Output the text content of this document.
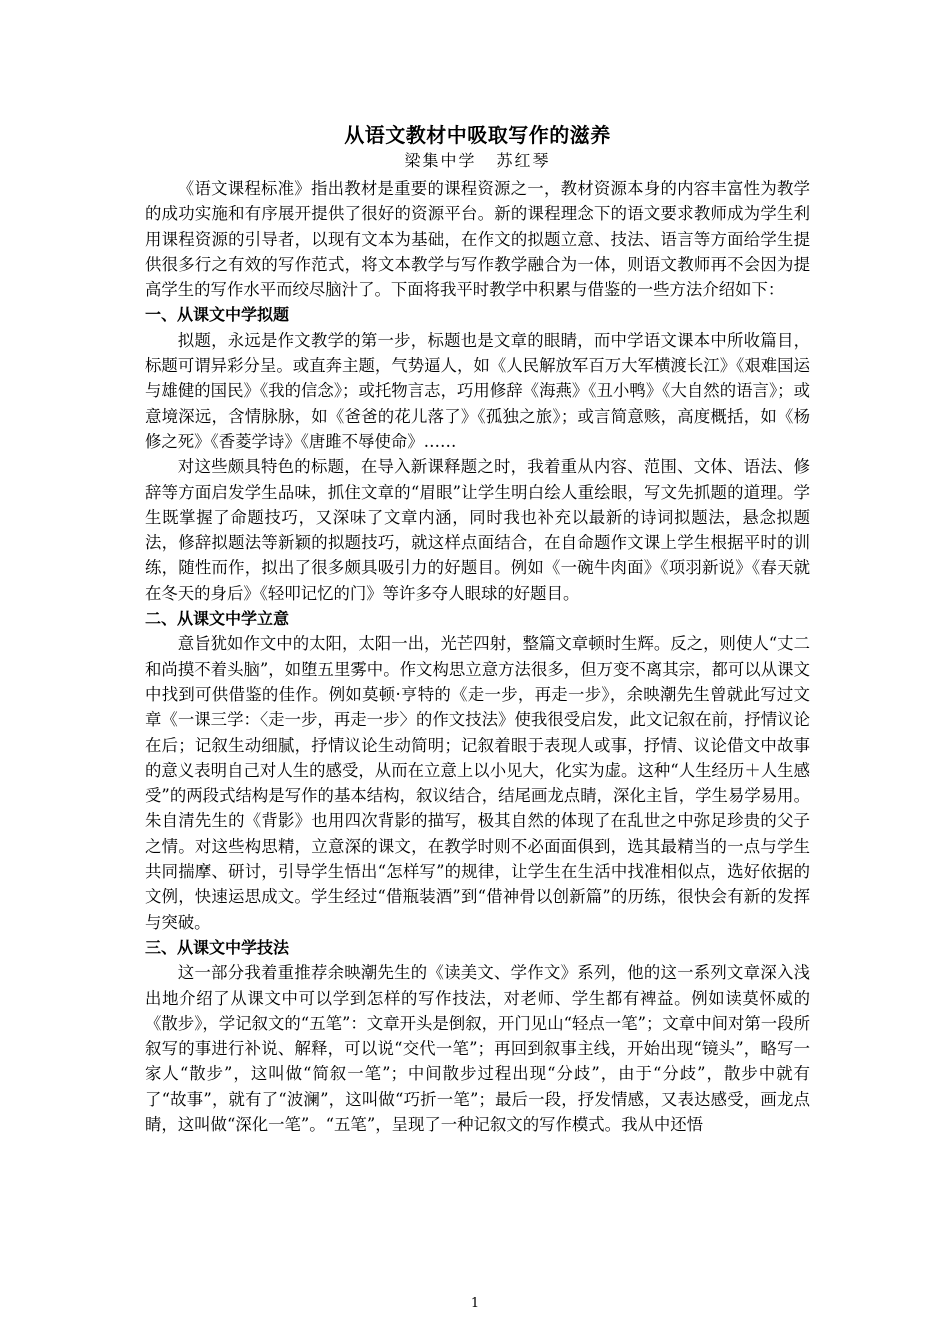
从语文教材中吸取写作的滋养
梁集中学 苏红琴

《语文课程标准》指出教材是重要的课程资源之一，教材资源本身的内容丰富性为教学的成功实施和有序展开提供了很好的资源平台。新的课程理念下的语文要求教师成为学生利用课程资源的引导者，以现有文本为基础，在作文的拟题立意、技法、语言等方面给学生提供很多行之有效的写作范式，将文本教学与写作教学融合为一体，则语文教师再不会因为提高学生的写作水平而绞尽脑汁了。下面将我平时教学中积累与借鉴的一些方法介绍如下：

一、从课文中学拟题

拟题，永远是作文教学的第一步，标题也是文章的眼睛，而中学语文课本中所收篇目，标题可谓异彩分呈。或直奔主题，气势逼人，如《人民解放军百万大军横渡长江》《艰难国运与雄健的国民》《我的信念》；或托物言志，巧用修辞《海燕》《丑小鸭》《大自然的语言》；或意境深远，含情脉脉，如《爸爸的花儿落了》《孤独之旅》；或言简意赅，高度概括，如《杨修之死》《香菱学诗》《唐雎不辱使命》……

对这些颇具特色的标题，在导入新课释题之时，我着重从内容、范围、文体、语法、修辞等方面启发学生品味，抓住文章的“眉眼”让学生明白绘人重绘眼，写文先抓题的道理。学生既掌握了命题技巧，又深味了文章内涵，同时我也补充以最新的诗词拟题法，悬念拟题法，修辞拟题法等新颖的拟题技巧，就这样点面结合，在自命题作文课上学生根据平时的训练，随性而作，拟出了很多颇具吸引力的好题目。例如《一碗牛肉面》《项羽新说》《春天就在冬天的身后》《轻叩记忆的门》等许多夺人眼球的好题目。

二、从课文中学立意

意旨犹如作文中的太阳，太阳一出，光芒四射，整篇文章顿时生辉。反之，则使人“丈二和尚摸不着头脑”，如堕五里雾中。作文构思立意方法很多，但万变不离其宗，都可以从课文中找到可供借鉴的佳作。例如莫顿·亨特的《走一步，再走一步》，余映潮先生曾就此写过文章《一课三学：〈走一步，再走一步〉的作文技法》使我很受启发，此文记叙在前，抒情议论在后；记叙生动细腻，抒情议论生动简明；记叙着眼于表现人或事，抒情、议论借文中故事的意义表明自己对人生的感受，从而在立意上以小见大，化实为虚。这种“人生经历＋人生感受”的两段式结构是写作的基本结构，叙议结合，结尾画龙点睛，深化主旨，学生易学易用。朱自清先生的《背影》也用四次背影的描写，极其自然的体现了在乱世之中弥足珍贵的父子之情。对这些构思精，立意深的课文，在教学时则不必面面俱到，选其最精当的一点与学生共同揣摩、研讨，引导学生悟出“怎样写”的规律，让学生在生活中找准相似点，选好依据的文例，快速运思成文。学生经过“借瓶装酒”到“借神骨以创新篇”的历练，很快会有新的发挥与突破。

三、从课文中学技法

这一部分我着重推荐余映潮先生的《读美文、学作文》系列，他的这一系列文章深入浅出地介绍了从课文中可以学到怎样的写作技法，对老师、学生都有裨益。例如读莫怀威的《散步》，学记叙文的“五笔”：文章开头是倒叙，开门见山“轻点一笔”；文章中间对第一段所叙写的事进行补说、解释，可以说“交代一笔”；再回到叙事主线，开始出现“镜头”，略写一家人“散步”，这叫做“简叙一笔”；中间散步过程出现“分歧”，由于“分歧”，散步中就有了“故事”，就有了“波澜”，这叫做“巧折一笔”；最后一段，抒发情感，又表达感受，画龙点睛，这叫做“深化一笔”。“五笔”，呈现了一种记叙文的写作模式。我从中还悟

1
